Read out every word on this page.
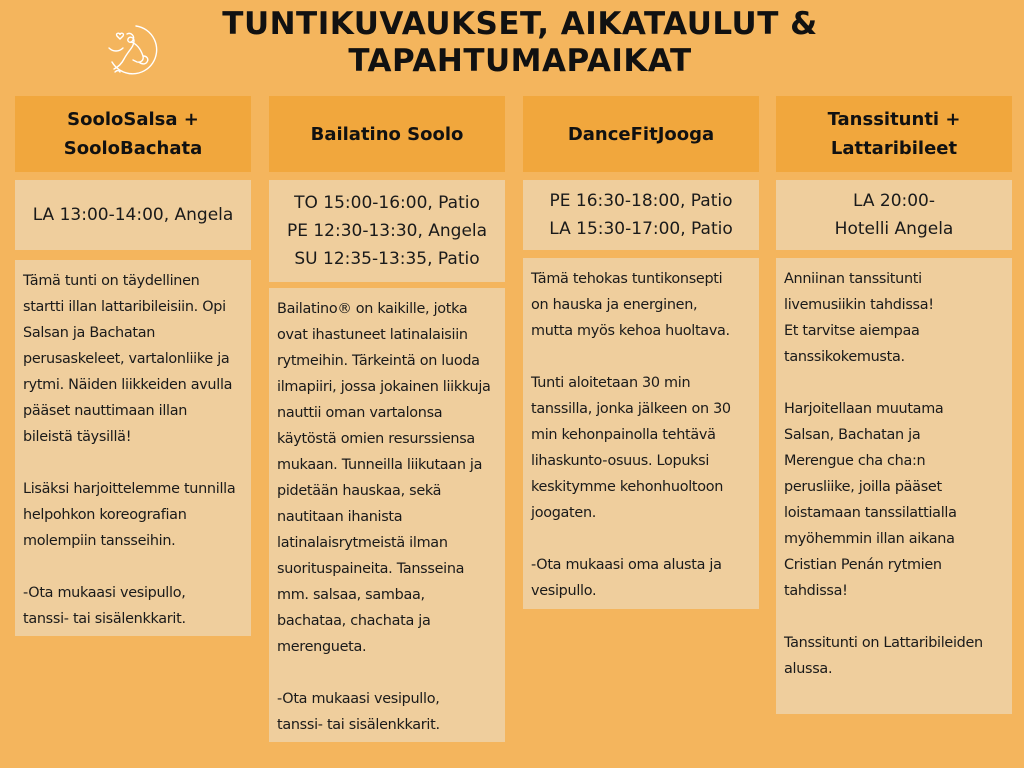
TUNTIKUVAUKSET, AIKATAULUT &
TAPAHTUMAPAIKAT
SooloSalsa +
SooloBachata
LA 13:00-14:00, Angela

Tämä tunti on täydellinen
startti illan lattaribileisiin. Opi
Salsan ja Bachatan
perusaskeleet, vartalonliike ja
rytmi. Näiden liikkeiden avulla
pääset nauttimaan illan
bileistä täysillä!

Lisäksi harjoittelemme tunnilla
helpohkon koreografian
molempiin tansseihin.

-Ota mukaasi vesipullo,
tanssi- tai sisälenkkarit.

Bailatino Soolo
TO 15:00-16:00, Patio
PE 12:30-13:30, Angela
SU 12:35-13:35, Patio

Bailatino® on kaikille, jotka
ovat ihastuneet latinalaisiin
rytmeihin. Tärkeintä on luoda
ilmapiiri, jossa jokainen liikkuja
nauttii oman vartalonsa
käytöstä omien resurssiensa
mukaan. Tunneilla liikutaan ja
pidetään hauskaa, sekä
nautitaan ihanista
latinalaisrytmeistä ilman
suorituspaineita. Tansseina
mm. salsaa, sambaa,
bachataa, chachata ja
merengueta.

-Ota mukaasi vesipullo,
tanssi- tai sisälenkkarit.

DanceFitJooga
PE 16:30-18:00, Patio
LA 15:30-17:00, Patio

Tämä tehokas tuntikonsepti
on hauska ja energinen,
mutta myös kehoa huoltava.

Tunti aloitetaan 30 min
tanssilla, jonka jälkeen on 30
min kehonpainolla tehtävä
lihaskunto-osuus. Lopuksi
keskitymme kehonhuoltoon
joogaten.

-Ota mukaasi oma alusta ja
vesipullo.

Tanssitunti +
Lattaribileet
LA 20:00-
Hotelli Angela

Anniinan tanssitunti
livemusiikin tahdissa!
Et tarvitse aiempaa
tanssikokemusta.

Harjoitellaan muutama
Salsan, Bachatan ja
Merengue cha cha:n
perusliike, joilla pääset
loistamaan tanssilattialla
myöhemmin illan aikana
Cristian Penán rytmien
tahdissa!

Tanssitunti on Lattaribileiden
alussa.
